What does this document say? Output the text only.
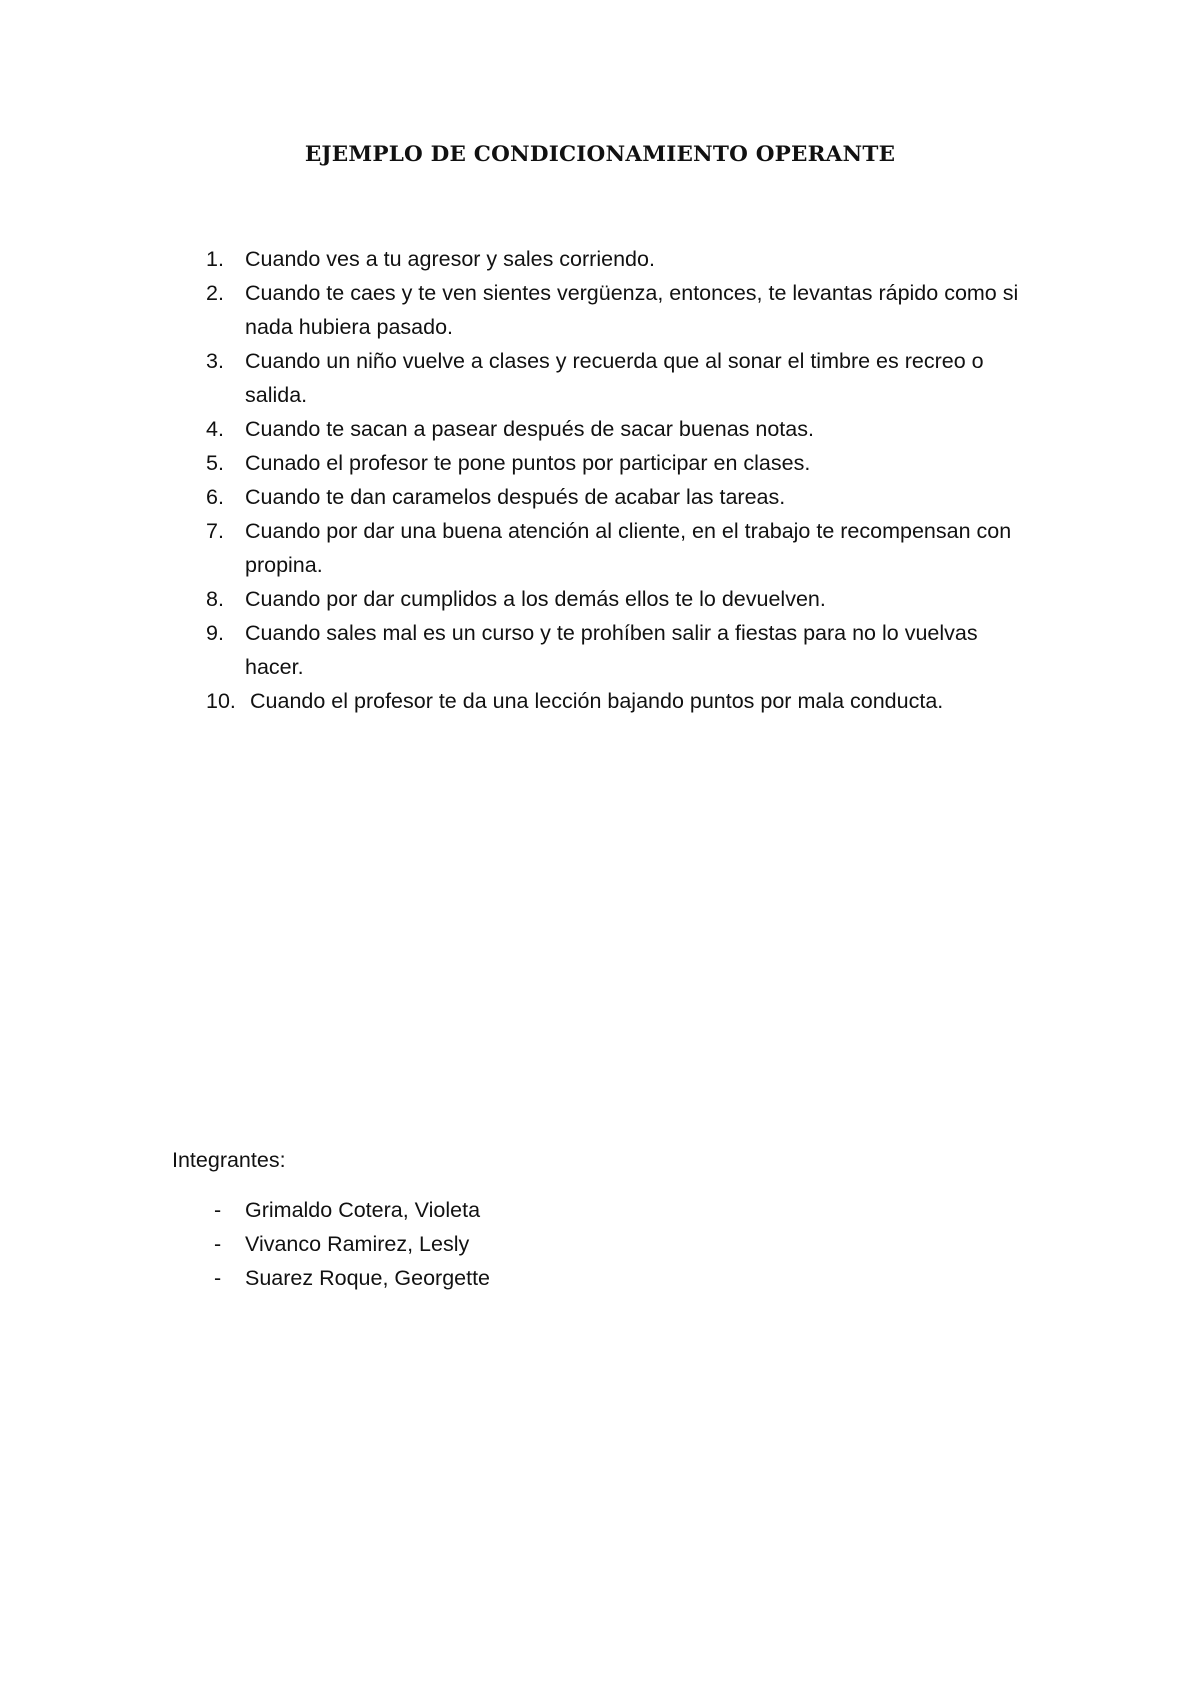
EJEMPLO DE CONDICIONAMIENTO OPERANTE
1. Cuando ves a tu agresor y sales corriendo.
2. Cuando te caes y te ven sientes vergüenza, entonces, te levantas rápido como si nada hubiera pasado.
3. Cuando un niño vuelve a clases y recuerda que al sonar el timbre es recreo o salida.
4. Cuando te sacan a pasear después de sacar buenas notas.
5. Cunado el profesor te pone puntos por participar en clases.
6. Cuando te dan caramelos después de acabar las tareas.
7. Cuando por dar una buena atención al cliente, en el trabajo te recompensan con propina.
8. Cuando por dar cumplidos a los demás ellos te lo devuelven.
9. Cuando sales mal es un curso y te prohíben salir a fiestas para no lo vuelvas hacer.
10. Cuando el profesor te da una lección bajando puntos por mala conducta.

Integrantes:

- Grimaldo Cotera, Violeta
- Vivanco Ramirez, Lesly
- Suarez Roque, Georgette
